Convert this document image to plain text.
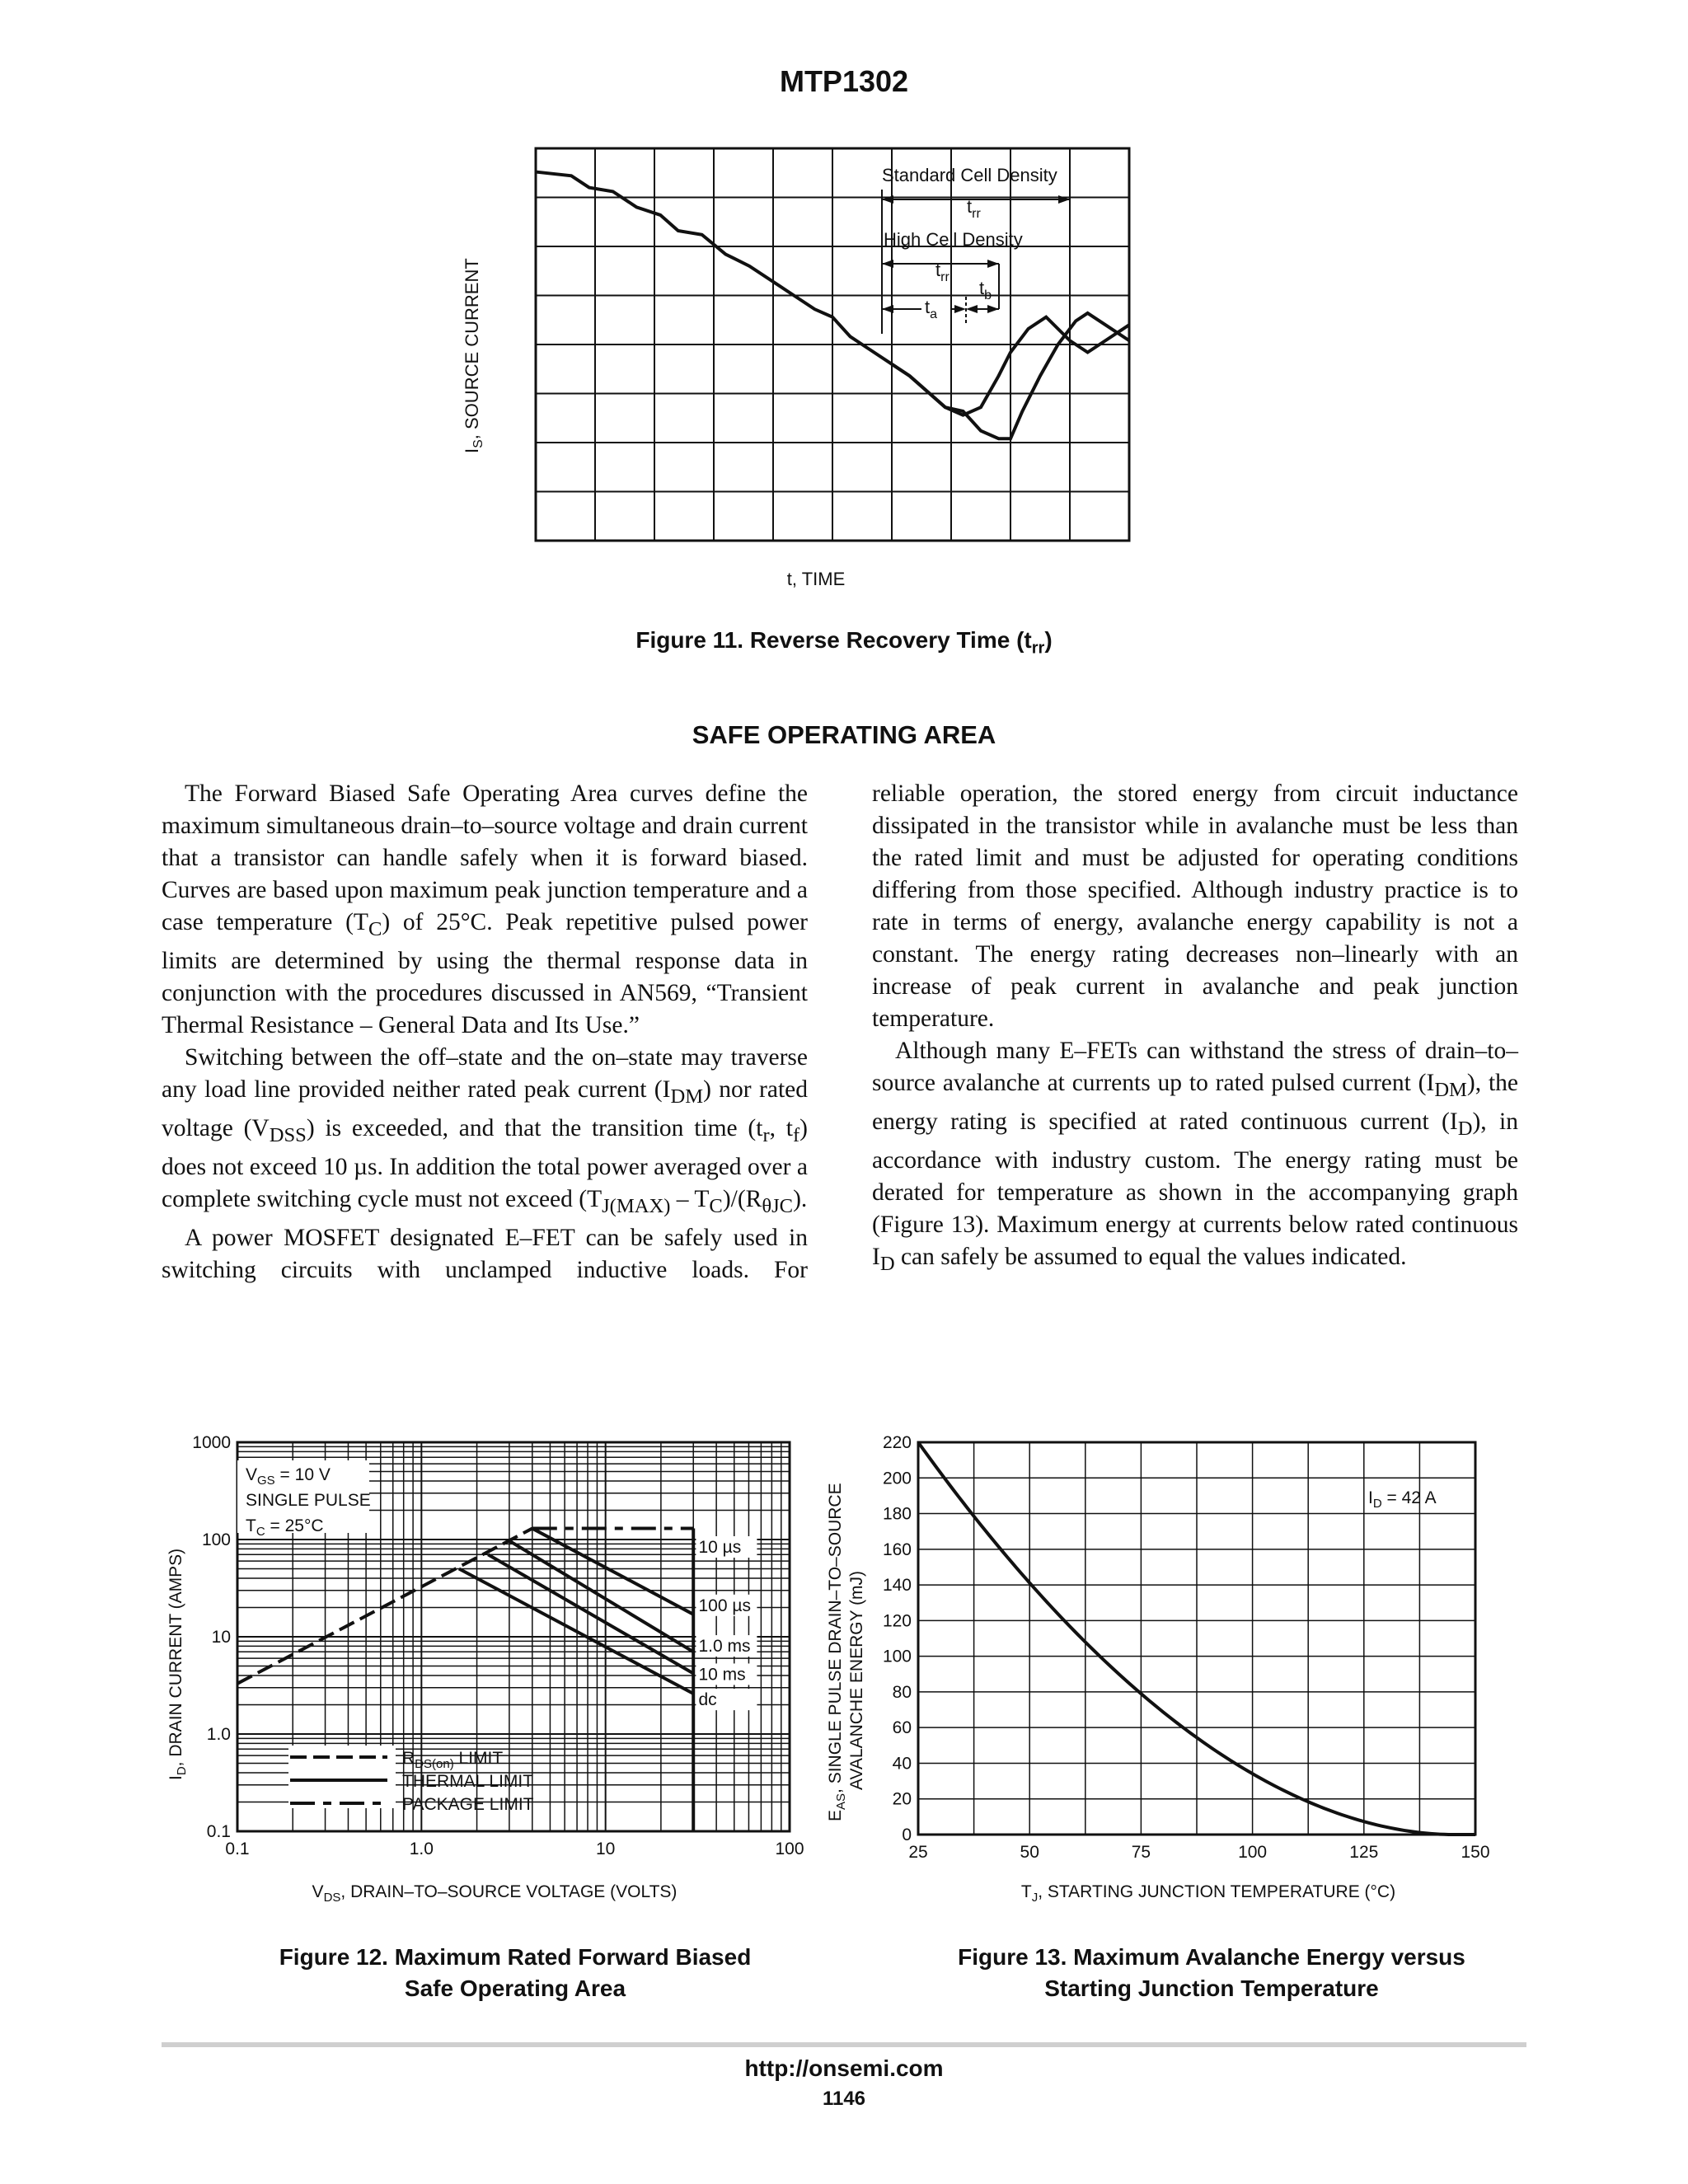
MTP1302
$I_S$, SOURCE CURRENT
t, TIME
Standard Cell Density
$t_{rr}$
High Cell Density
$t_{rr}$
$t_a$
$t_b$
Figure 11. Reverse Recovery Time $(t_{rr})$
SAFE OPERATING AREA

The Forward Biased Safe Operating Area curves define the maximum simultaneous drain–to–source voltage and drain current that a transistor can handle safely when it is forward biased. Curves are based upon maximum peak junction temperature and a case temperature $(T_C)$ of 25°C. Peak repetitive pulsed power limits are determined by using the thermal response data in conjunction with the procedures discussed in AN569, “Transient Thermal Resistance – General Data and Its Use.”

Switching between the off–state and the on–state may traverse any load line provided neither rated peak current $(I_{DM})$ nor rated voltage $(V_{DSS})$ is exceeded, and that the transition time ($t_r$, $t_f$) does not exceed 10 µs. In addition the total power averaged over a complete switching cycle must not exceed $(T_{J(MAX)} - T_C)/(R_{\theta JC})$.

A power MOSFET designated E–FET can be safely used in switching circuits with unclamped inductive loads. For

reliable operation, the stored energy from circuit inductance dissipated in the transistor while in avalanche must be less than the rated limit and must be adjusted for operating conditions differing from those specified. Although industry practice is to rate in terms of energy, avalanche energy capability is not a constant. The energy rating decreases non–linearly with an increase of peak current in avalanche and peak junction temperature.

Although many E–FETs can withstand the stress of drain–to–source avalanche at currents up to rated pulsed current $(I_{DM})$, the energy rating is specified at rated continuous current $(I_D)$, in accordance with industry custom. The energy rating must be derated for temperature as shown in the accompanying graph (Figure 13). Maximum energy at currents below rated continuous $I_D$ can safely be assumed to equal the values indicated.

0.1	1.0	10	100
0.1
1.0
10
100
1000
$V_{GS} = 10$ V
SINGLE PULSE
$T_C = 25^\circ C$
10 µs
100 µs
1.0 ms
10 ms
dc
$R_{DS(on)}$ LIMIT
THERMAL LIMIT
PACKAGE LIMIT
$I_D$, DRAIN CURRENT (AMPS)
$V_{DS}$, DRAIN–TO–SOURCE VOLTAGE (VOLTS)
Figure 12. Maximum Rated Forward Biased
Safe Operating Area
25	50	75	100	125	150
0
20
40
60
80
100
120
140
160
180
200
220
$I_D = 42$ A
$E_{AS}$, SINGLE PULSE DRAIN–TO–SOURCE AVALANCHE ENERGY (mJ)
$T_J$, STARTING JUNCTION TEMPERATURE (°C)
Figure 13. Maximum Avalanche Energy versus
Starting Junction Temperature
http://onsemi.com
1146
